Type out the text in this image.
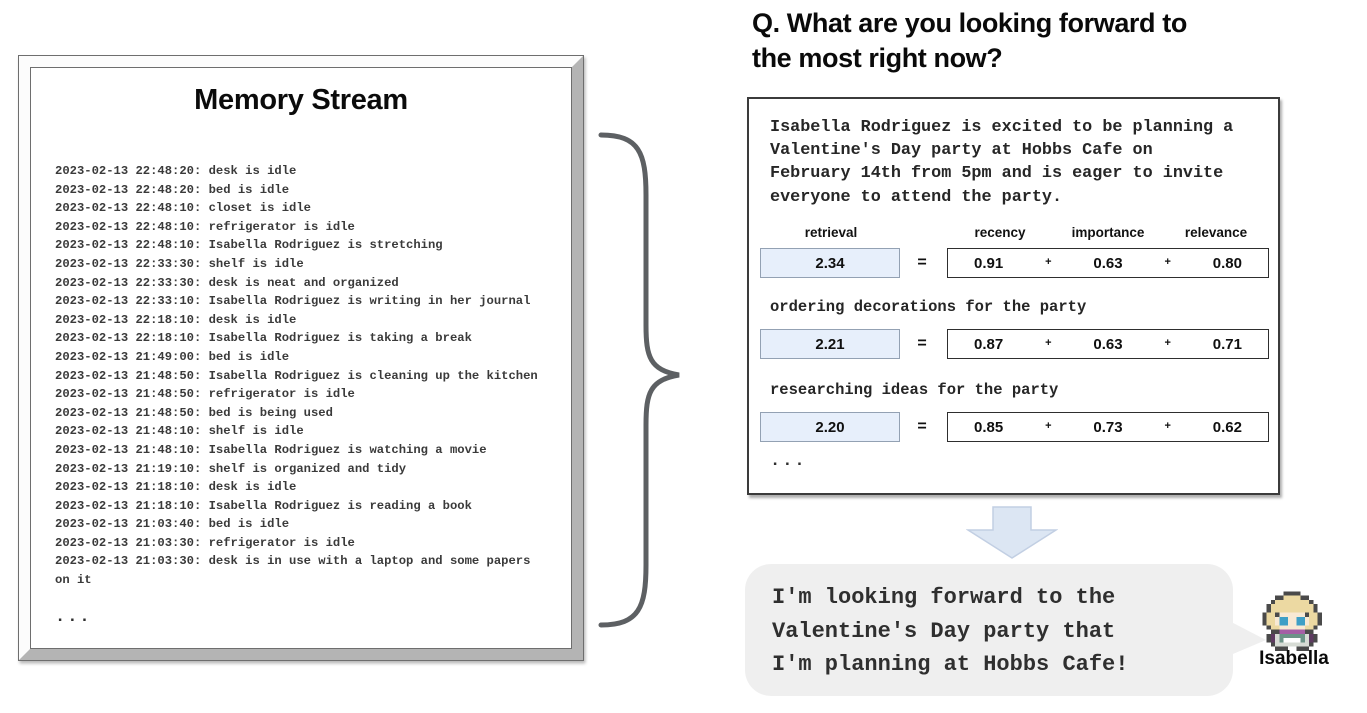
Memory Stream
2023-02-13 22:48:20: desk is idle
2023-02-13 22:48:20: bed is idle
2023-02-13 22:48:10: closet is idle
2023-02-13 22:48:10: refrigerator is idle
2023-02-13 22:48:10: Isabella Rodriguez is stretching
2023-02-13 22:33:30: shelf is idle
2023-02-13 22:33:30: desk is neat and organized
2023-02-13 22:33:10: Isabella Rodriguez is writing in her journal
2023-02-13 22:18:10: desk is idle
2023-02-13 22:18:10: Isabella Rodriguez is taking a break
2023-02-13 21:49:00: bed is idle
2023-02-13 21:48:50: Isabella Rodriguez is cleaning up the kitchen
2023-02-13 21:48:50: refrigerator is idle
2023-02-13 21:48:50: bed is being used
2023-02-13 21:48:10: shelf is idle
2023-02-13 21:48:10: Isabella Rodriguez is watching a movie
2023-02-13 21:19:10: shelf is organized and tidy
2023-02-13 21:18:10: desk is idle
2023-02-13 21:18:10: Isabella Rodriguez is reading a book
2023-02-13 21:03:40: bed is idle
2023-02-13 21:03:30: refrigerator is idle
2023-02-13 21:03:30: desk is in use with a laptop and some papers on it
...
Q. What are you looking forward to
the most right now?
Isabella Rodriguez is excited to be planning a Valentine's Day party at Hobbs Cafe on February 14th from 5pm and is eager to invite everyone to attend the party.
retrieval	recency	importance	relevance
2.34	=	0.91	+	0.63	+	0.80
ordering decorations for the party
2.21	=	0.87	+	0.63	+	0.71
researching ideas for the party
2.20	=	0.85	+	0.73	+	0.62
...
I'm looking forward to the Valentine's Day party that I'm planning at Hobbs Cafe!	Isabella
